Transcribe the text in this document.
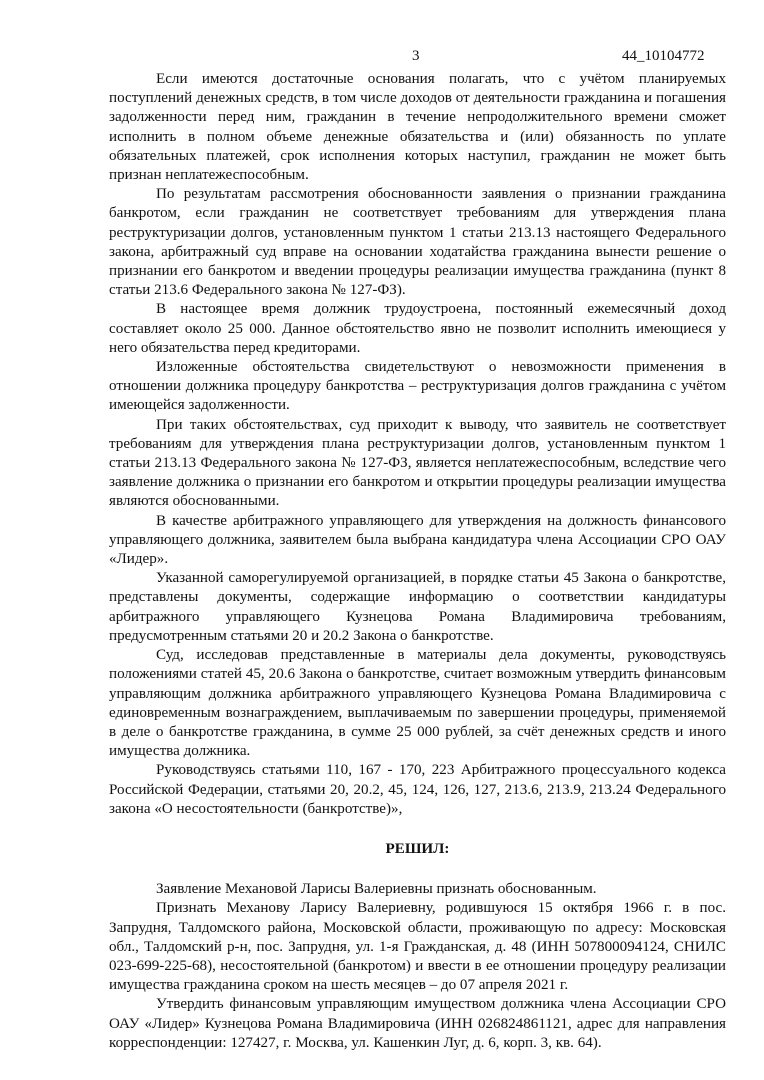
3	44_10104772

Если имеются достаточные основания полагать, что с учётом планируемых поступлений денежных средств, в том числе доходов от деятельности гражданина и погашения задолженности перед ним, гражданин в течение непродолжительного времени сможет исполнить в полном объеме денежные обязательства и (или) обязанность по уплате обязательных платежей, срок исполнения которых наступил, гражданин не может быть признан неплатежеспособным.

По результатам рассмотрения обоснованности заявления о признании гражданина банкротом, если гражданин не соответствует требованиям для утверждения плана реструктуризации долгов, установленным пунктом 1 статьи 213.13 настоящего Федерального закона, арбитражный суд вправе на основании ходатайства гражданина вынести решение о признании его банкротом и введении процедуры реализации имущества гражданина (пункт 8 статьи 213.6 Федерального закона № 127-ФЗ).

В настоящее время должник трудоустроена, постоянный ежемесячный доход составляет около 25 000. Данное обстоятельство явно не позволит исполнить имеющиеся у него обязательства перед кредиторами.

Изложенные обстоятельства свидетельствуют о невозможности применения в отношении должника процедуру банкротства – реструктуризация долгов гражданина с учётом имеющейся задолженности.

При таких обстоятельствах, суд приходит к выводу, что заявитель не соответствует требованиям для утверждения плана реструктуризации долгов, установленным пунктом 1 статьи 213.13 Федерального закона № 127-ФЗ, является неплатежеспособным, вследствие чего заявление должника о признании его банкротом и открытии процедуры реализации имущества являются обоснованными.

В качестве арбитражного управляющего для утверждения на должность финансового управляющего должника, заявителем была выбрана кандидатура члена Ассоциации СРО ОАУ «Лидер».

Указанной саморегулируемой организацией, в порядке статьи 45 Закона о банкротстве, представлены документы, содержащие информацию о соответствии кандидатуры арбитражного управляющего Кузнецова Романа Владимировича требованиям, предусмотренным статьями 20 и 20.2 Закона о банкротстве.

Суд, исследовав представленные в материалы дела документы, руководствуясь положениями статей 45, 20.6 Закона о банкротстве, считает возможным утвердить финансовым управляющим должника арбитражного управляющего Кузнецова Романа Владимировича с единовременным вознаграждением, выплачиваемым по завершении процедуры, применяемой в деле о банкротстве гражданина, в сумме 25 000 рублей, за счёт денежных средств и иного имущества должника.

Руководствуясь статьями 110, 167 - 170, 223 Арбитражного процессуального кодекса Российской Федерации, статьями 20, 20.2, 45, 124, 126, 127, 213.6, 213.9, 213.24 Федерального закона «О несостоятельности (банкротстве)»,

РЕШИЛ:

Заявление Механовой Ларисы Валериевны признать обоснованным.

Признать Механову Ларису Валериевну, родившуюся 15 октября 1966 г. в пос. Запрудня, Талдомского района, Московской области, проживающую по адресу: Московская обл., Талдомский р-н, пос. Запрудня, ул. 1-я Гражданская, д. 48 (ИНН 507800094124, СНИЛС 023-699-225-68), несостоятельной (банкротом) и ввести в ее отношении процедуру реализации имущества гражданина сроком на шесть месяцев – до 07 апреля 2021 г.

Утвердить финансовым управляющим имуществом должника члена Ассоциации СРО ОАУ «Лидер» Кузнецова Романа Владимировича (ИНН 026824861121, адрес для направления корреспонденции: 127427, г. Москва, ул. Кашенкин Луг, д. 6, корп. 3, кв. 64).
